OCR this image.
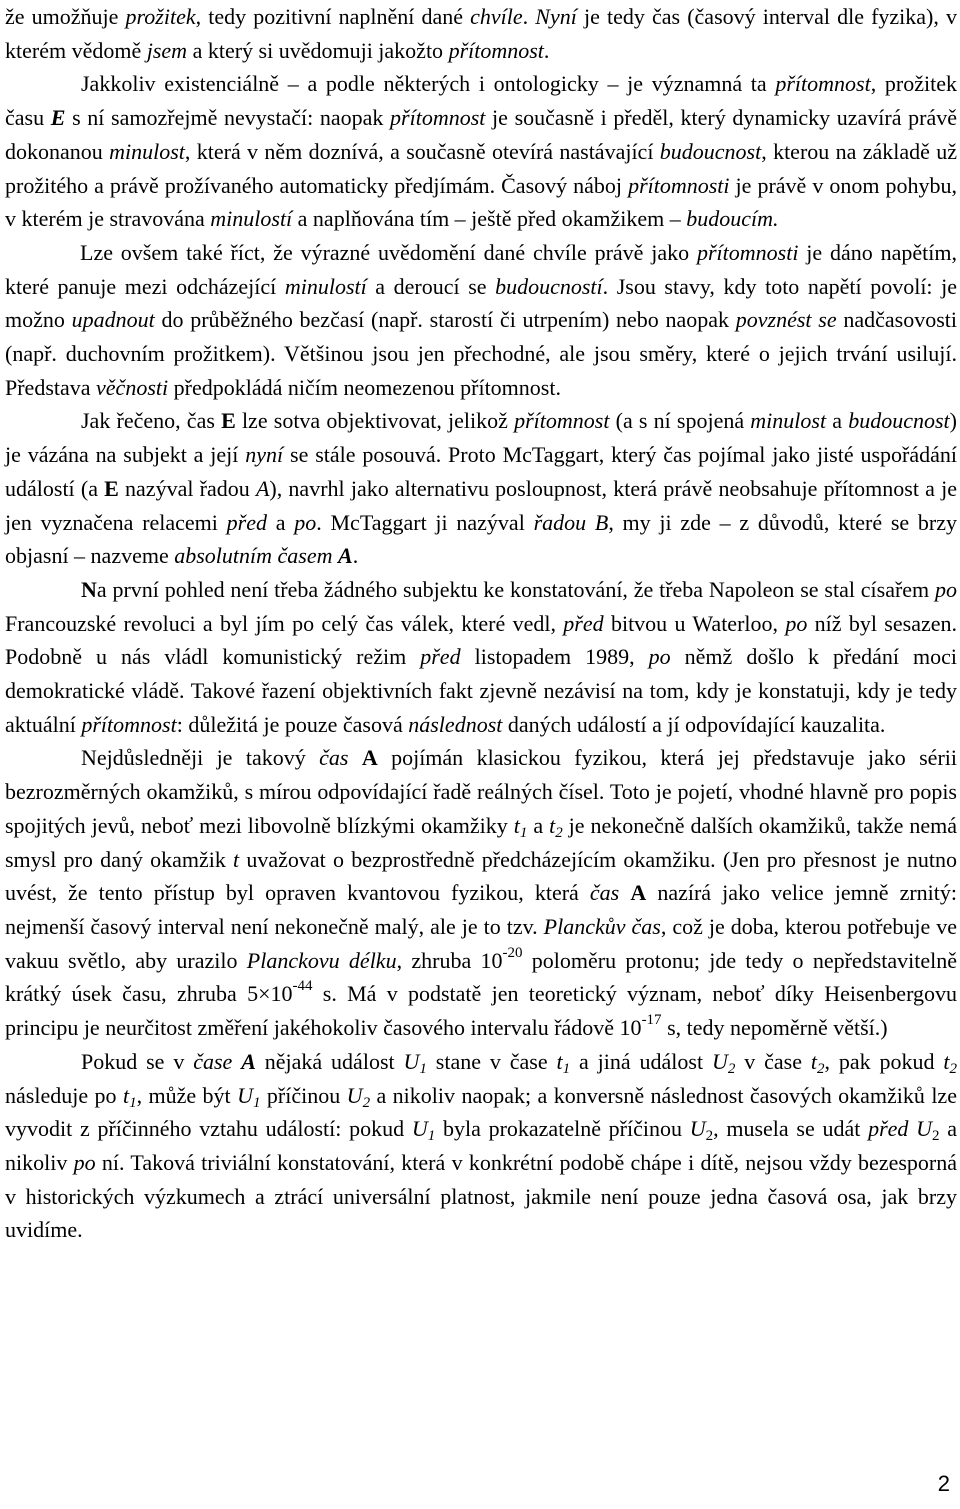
že umožňuje prožitek, tedy pozitivní naplnění dané chvíle. Nyní je tedy čas (časový interval dle fyzika), v kterém vědomě jsem a který si uvědomuji jakožto přítomnost.

Jakkoliv existenciálně – a podle některých i ontologicky – je významná ta přítomnost, prožitek času E s ní samozřejmě nevystačí: naopak přítomnost je současně i předěl, který dynamicky uzavírá právě dokonanou minulost, která v něm doznívá, a současně otevírá nastávající budoucnost, kterou na základě už prožitého a právě prožívaného automaticky předjímám. Časový náboj přítomnosti je právě v onom pohybu, v kterém je stravována minulostí a naplňována tím – ještě před okamžikem – budoucím.

Lze ovšem také říct, že výrazné uvědomění dané chvíle právě jako přítomnosti je dáno napětím, které panuje mezi odcházející minulostí a deroucí se budoucností. Jsou stavy, kdy toto napětí povolí: je možno upadnout do průběžného bezčasí (např. starostí či utrpením) nebo naopak povznést se nadčasovosti (např. duchovním prožitkem). Většinou jsou jen přechodné, ale jsou směry, které o jejich trvání usilují. Představa věčnosti předpokládá ničím neomezenou přítomnost.

Jak řečeno, čas E lze sotva objektivovat, jelikož přítomnost (a s ní spojená minulost a budoucnost) je vázána na subjekt a její nyní se stále posouvá. Proto McTaggart, který čas pojímal jako jisté uspořádání událostí (a E nazýval řadou A), navrhl jako alternativu posloupnost, která právě neobsahuje přítomnost a je jen vyznačena relacemi před a po. McTaggart ji nazýval řadou B, my ji zde – z důvodů, které se brzy objasní – nazveme absolutním časem A.

Na první pohled není třeba žádného subjektu ke konstatování, že třeba Napoleon se stal císařem po Francouzské revoluci a byl jím po celý čas válek, které vedl, před bitvou u Waterloo, po níž byl sesazen. Podobně u nás vládl komunistický režim před listopadem 1989, po němž došlo k předání moci demokratické vládě. Takové řazení objektivních fakt zjevně nezávisí na tom, kdy je konstatuji, kdy je tedy aktuální přítomnost: důležitá je pouze časová následnost daných událostí a jí odpovídající kauzalita.

Nejdůsledněji je takový čas A pojímán klasickou fyzikou, která jej představuje jako sérii bezrozměrných okamžiků, s mírou odpovídající řadě reálných čísel. Toto je pojetí, vhodné hlavně pro popis spojitých jevů, neboť mezi libovolně blízkými okamžiky $t_1$ a $t_2$ je nekonečně dalších okamžiků, takže nemá smysl pro daný okamžik t uvažovat o bezprostředně předcházejícím okamžiku. (Jen pro přesnost je nutno uvést, že tento přístup byl opraven kvantovou fyzikou, která čas A nazírá jako velice jemně zrnitý: nejmenší časový interval není nekonečně malý, ale je to tzv. Planckův čas, což je doba, kterou potřebuje ve vakuu světlo, aby urazilo Planckovu délku, zhruba $10^{-20}$ poloměru protonu; jde tedy o nepředstavitelně krátký úsek času, zhruba $5\times 10^{-44}$ s. Má v podstatě jen teoretický význam, neboť díky Heisenbergovu principu je neurčitost změření jakéhokoliv časového intervalu řádově $10^{-17}$ s, tedy nepoměrně větší.)

Pokud se v čase A nějaká událost $U_1$ stane v čase $t_1$ a jiná událost $U_2$ v čase $t_2$, pak pokud $t_2$ následuje po $t_1$, může být $U_1$ příčinou $U_2$ a nikoliv naopak; a konversně následnost časových okamžiků lze vyvodit z příčinného vztahu událostí: pokud $U_1$ byla prokazatelně příčinou $U_2$, musela se udát před $U_2$ a nikoliv po ní. Taková triviální konstatování, která v konkrétní podobě chápe i dítě, nejsou vždy bezesporná v historických výzkumech a ztrácí universální platnost, jakmile není pouze jedna časová osa, jak brzy uvidíme.

2
